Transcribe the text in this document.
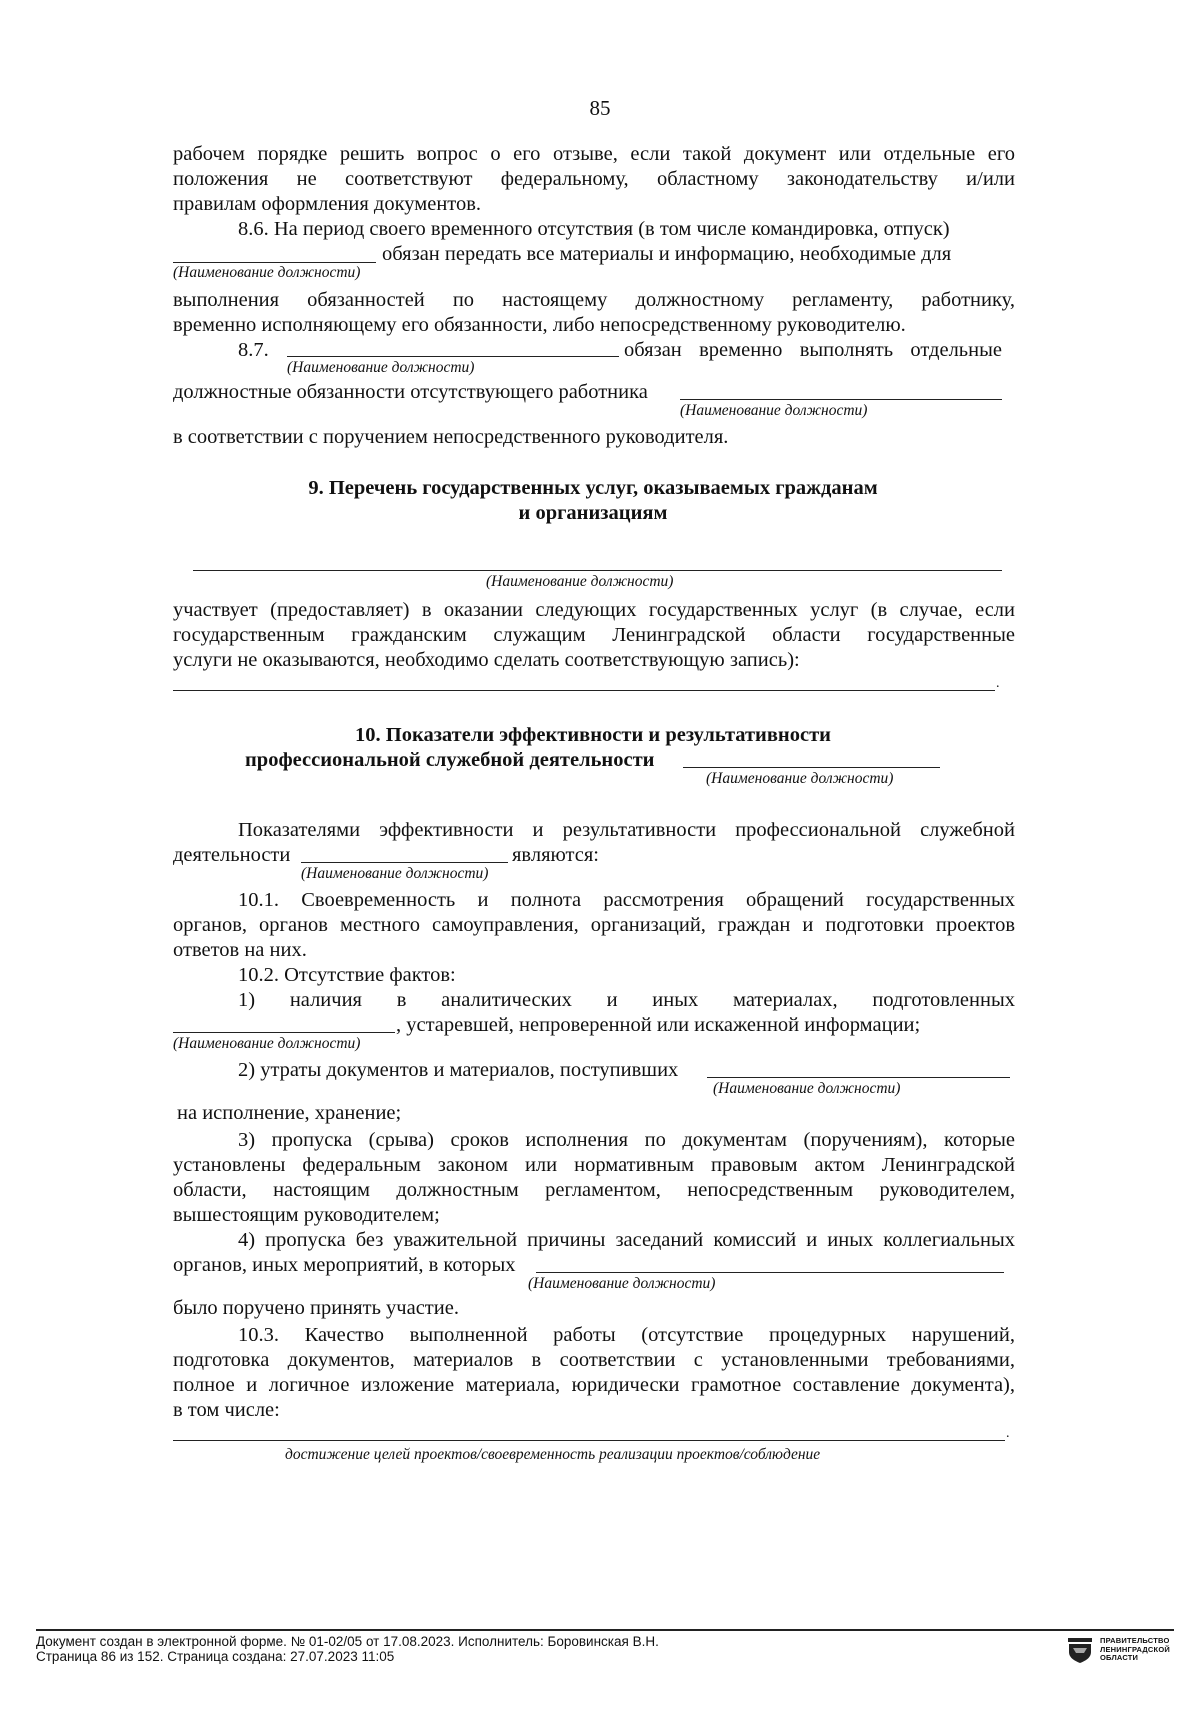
85
рабочем порядке решить вопрос о его отзыве, если такой документ или отдельные его
положения не соответствуют федеральному, областному законодательству и/или
правилам оформления документов.
8.6. На период своего временного отсутствия (в том числе командировка, отпуск)
обязан передать все материалы и информацию, необходимые для
(Наименование должности)
выполнения обязанностей по настоящему должностному регламенту, работнику,
временно исполняющему его обязанности, либо непосредственному руководителю.
8.7.	обязан временно выполнять отдельные
(Наименование должности)
должностные обязанности отсутствующего работника
(Наименование должности)
в соответствии с поручением непосредственного руководителя.
9. Перечень государственных услуг, оказываемых гражданам
и организациям
(Наименование должности)
участвует (предоставляет) в оказании следующих государственных услуг (в случае, если
государственным гражданским служащим Ленинградской области государственные
услуги не оказываются, необходимо сделать соответствующую запись):
.
10. Показатели эффективности и результативности
профессиональной служебной деятельности
(Наименование должности)
Показателями эффективности и результативности профессиональной служебной
деятельности	являются:
(Наименование должности)
10.1. Своевременность и полнота рассмотрения обращений государственных
органов, органов местного самоуправления, организаций, граждан и подготовки проектов
ответов на них.
10.2. Отсутствие фактов:
1) наличия в аналитических и иных материалах, подготовленных
, устаревшей, непроверенной или искаженной информации;
(Наименование должности)
2) утраты документов и материалов, поступивших
(Наименование должности)
на исполнение, хранение;
3) пропуска (срыва) сроков исполнения по документам (поручениям), которые
установлены федеральным законом или нормативным правовым актом Ленинградской
области, настоящим должностным регламентом, непосредственным руководителем,
вышестоящим руководителем;
4) пропуска без уважительной причины заседаний комиссий и иных коллегиальных
органов, иных мероприятий, в которых
(Наименование должности)
было поручено принять участие.
10.3. Качество выполненной работы (отсутствие процедурных нарушений,
подготовка документов, материалов в соответствии с установленными требованиями,
полное и логичное изложение материала, юридически грамотное составление документа),
в том числе:
.
достижение целей проектов/своевременность реализации проектов/соблюдение
Документ создан в электронной форме. № 01-02/05 от 17.08.2023. Исполнитель: Боровинская В.Н.
Страница 86 из 152. Страница создана: 27.07.2023 11:05
ПРАВИТЕЛЬСТВО
ЛЕНИНГРАДСКОЙ
ОБЛАСТИ
